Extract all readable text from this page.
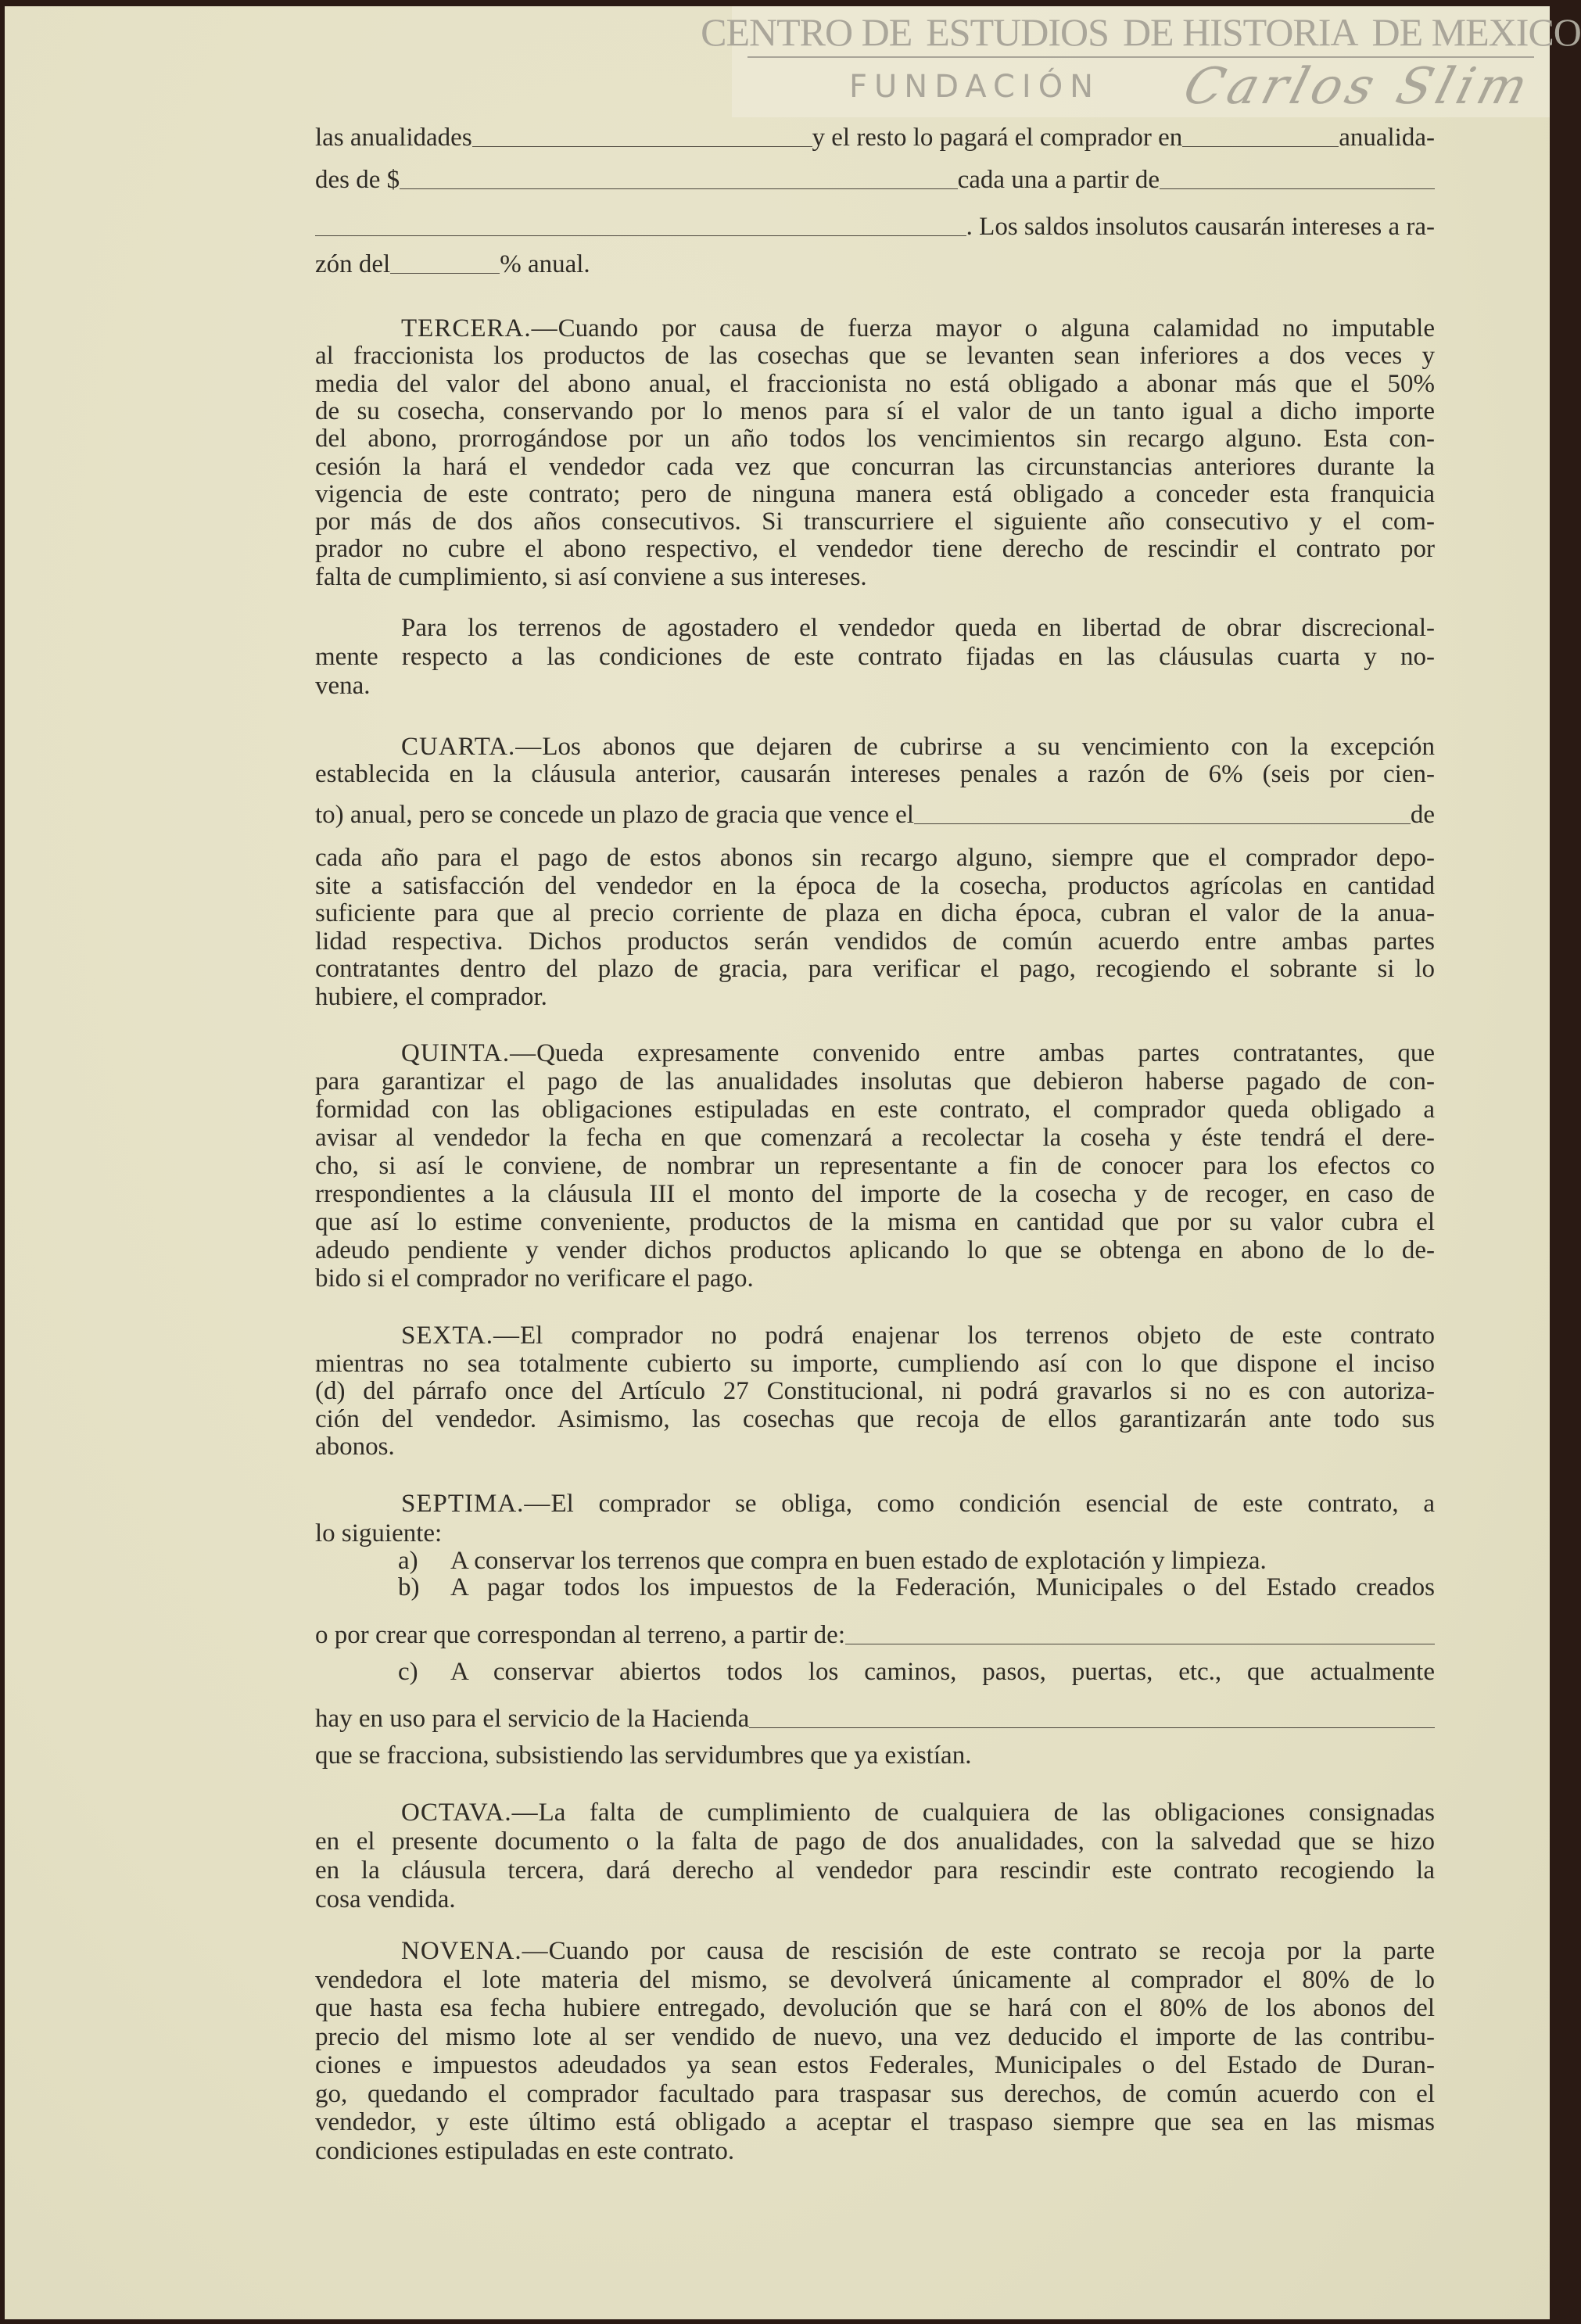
CENTRO DE ESTUDIOS DE HISTORIA DE MEXICO
FUNDACIÓN Carlos Slim
las anualidades	y el resto lo pagará el comprador en	anualida-
des de $	cada una a partir de
. Los saldos insolutos causarán intereses a ra-
zón del	% anual.
to) anual, pero se concede un plazo de gracia que vence el	de
a) A conservar los terrenos que compra en buen estado de explotación y limpieza.
b) A pagar todos los impuestos de la Federación, Municipales o del Estado creados
o por crear que correspondan al terreno, a partir de:
c) A conservar abiertos todos los caminos, pasos, puertas, etc., que actualmente
hay en uso para el servicio de la Hacienda
que se fracciona, subsistiendo las servidumbres que ya existían.
TERCERA.—Cuando por causa de fuerza mayor o alguna calamidad no imputable
al fraccionista los productos de las cosechas que se levanten sean inferiores a dos veces y
media del valor del abono anual, el fraccionista no está obligado a abonar más que el 50%
de su cosecha, conservando por lo menos para sí el valor de un tanto igual a dicho importe
del abono, prorrogándose por un año todos los vencimientos sin recargo alguno. Esta con-
cesión la hará el vendedor cada vez que concurran las circunstancias anteriores durante la
vigencia de este contrato; pero de ninguna manera está obligado a conceder esta franquicia
por más de dos años consecutivos. Si transcurriere el siguiente año consecutivo y el com-
prador no cubre el abono respectivo, el vendedor tiene derecho de rescindir el contrato por
falta de cumplimiento, si así conviene a sus intereses.
Para los terrenos de agostadero el vendedor queda en libertad de obrar discrecional-
mente respecto a las condiciones de este contrato fijadas en las cláusulas cuarta y no-
vena.
CUARTA.—Los abonos que dejaren de cubrirse a su vencimiento con la excepción
establecida en la cláusula anterior, causarán intereses penales a razón de 6% (seis por cien-
cada año para el pago de estos abonos sin recargo alguno, siempre que el comprador depo-
site a satisfacción del vendedor en la época de la cosecha, productos agrícolas en cantidad
suficiente para que al precio corriente de plaza en dicha época, cubran el valor de la anua-
lidad respectiva. Dichos productos serán vendidos de común acuerdo entre ambas partes
contratantes dentro del plazo de gracia, para verificar el pago, recogiendo el sobrante si lo
hubiere, el comprador.
QUINTA.—Queda expresamente convenido entre ambas partes contratantes, que
para garantizar el pago de las anualidades insolutas que debieron haberse pagado de con-
formidad con las obligaciones estipuladas en este contrato, el comprador queda obligado a
avisar al vendedor la fecha en que comenzará a recolectar la coseha y éste tendrá el dere-
cho, si así le conviene, de nombrar un representante a fin de conocer para los efectos co
rrespondientes a la cláusula III el monto del importe de la cosecha y de recoger, en caso de
que así lo estime conveniente, productos de la misma en cantidad que por su valor cubra el
adeudo pendiente y vender dichos productos aplicando lo que se obtenga en abono de lo de-
bido si el comprador no verificare el pago.
SEXTA.—El comprador no podrá enajenar los terrenos objeto de este contrato
mientras no sea totalmente cubierto su importe, cumpliendo así con lo que dispone el inciso
(d) del párrafo once del Artículo 27 Constitucional, ni podrá gravarlos si no es con autoriza-
ción del vendedor. Asimismo, las cosechas que recoja de ellos garantizarán ante todo sus
abonos.
SEPTIMA.—El comprador se obliga, como condición esencial de este contrato, a
lo siguiente:
OCTAVA.—La falta de cumplimiento de cualquiera de las obligaciones consignadas
en el presente documento o la falta de pago de dos anualidades, con la salvedad que se hizo
en la cláusula tercera, dará derecho al vendedor para rescindir este contrato recogiendo la
cosa vendida.
NOVENA.—Cuando por causa de rescisión de este contrato se recoja por la parte
vendedora el lote materia del mismo, se devolverá únicamente al comprador el 80% de lo
que hasta esa fecha hubiere entregado, devolución que se hará con el 80% de los abonos del
precio del mismo lote al ser vendido de nuevo, una vez deducido el importe de las contribu-
ciones e impuestos adeudados ya sean estos Federales, Municipales o del Estado de Duran-
go, quedando el comprador facultado para traspasar sus derechos, de común acuerdo con el
vendedor, y este último está obligado a aceptar el traspaso siempre que sea en las mismas
condiciones estipuladas en este contrato.
